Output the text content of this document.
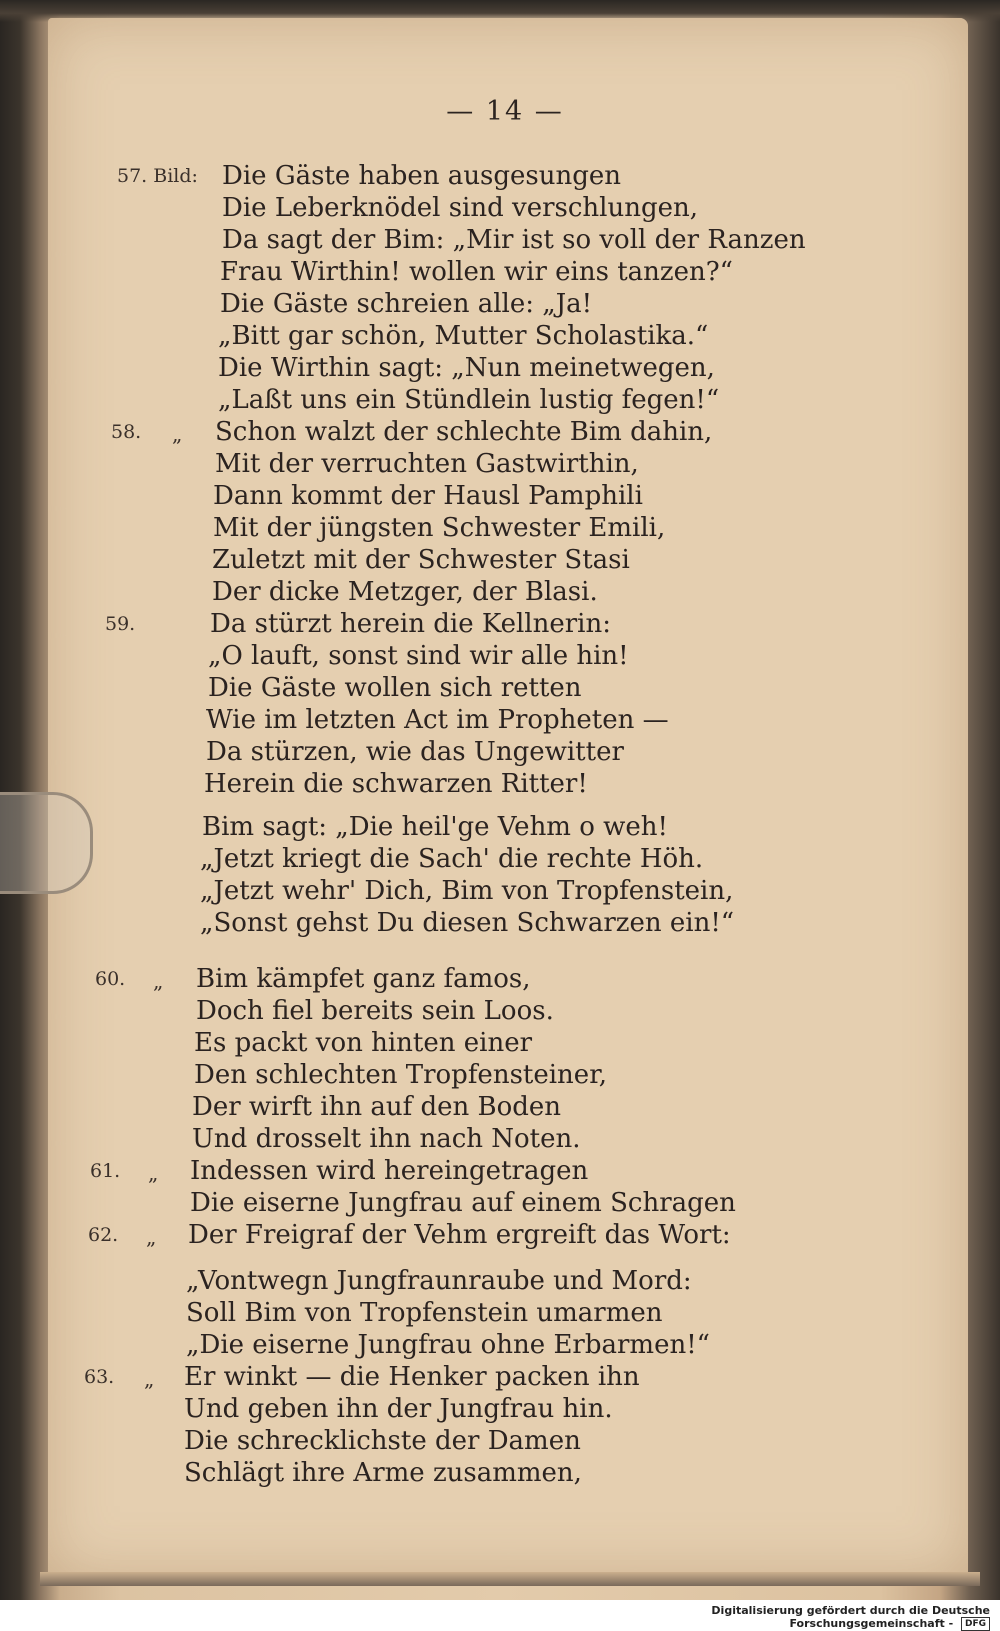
— 14 —
57. Bild: Die Gäste haben ausgesungen
Die Leberknödel sind verschlungen,
Da sagt der Bim: „Mir ist so voll der Ranzen
Frau Wirthin! wollen wir eins tanzen?“
Die Gäste schreien alle: „Ja!
„Bitt gar schön, Mutter Scholastika.“
Die Wirthin sagt: „Nun meinetwegen,
„Laßt uns ein Stündlein lustig fegen!“
58. „ Schon walzt der schlechte Bim dahin,
Mit der verruchten Gastwirthin,
Dann kommt der Hausl Pamphili
Mit der jüngsten Schwester Emili,
Zuletzt mit der Schwester Stasi
Der dicke Metzger, der Blasi.
59.	Da stürzt herein die Kellnerin:
„O lauft, sonst sind wir alle hin!
Die Gäste wollen sich retten
Wie im letzten Act im Propheten —
Da stürzen, wie das Ungewitter
Herein die schwarzen Ritter!
Bim sagt: „Die heil'ge Vehm o weh!
„Jetzt kriegt die Sach' die rechte Höh.
„Jetzt wehr' Dich, Bim von Tropfenstein,
„Sonst gehst Du diesen Schwarzen ein!“
60. „ Bim kämpfet ganz famos,
Doch fiel bereits sein Loos.
Es packt von hinten einer
Den schlechten Tropfensteiner,
Der wirft ihn auf den Boden
Und drosselt ihn nach Noten.
61. „ Indessen wird hereingetragen
Die eiserne Jungfrau auf einem Schragen
62. „ Der Freigraf der Vehm ergreift das Wort:
„Vontwegn Jungfraunraube und Mord:
Soll Bim von Tropfenstein umarmen
„Die eiserne Jungfrau ohne Erbarmen!“
63. „ Er winkt — die Henker packen ihn
Und geben ihn der Jungfrau hin.
Die schrecklichste der Damen
Schlägt ihre Arme zusammen,
Digitalisierung gefördert durch die Deutsche Forschungsgemeinschaft - DFG
